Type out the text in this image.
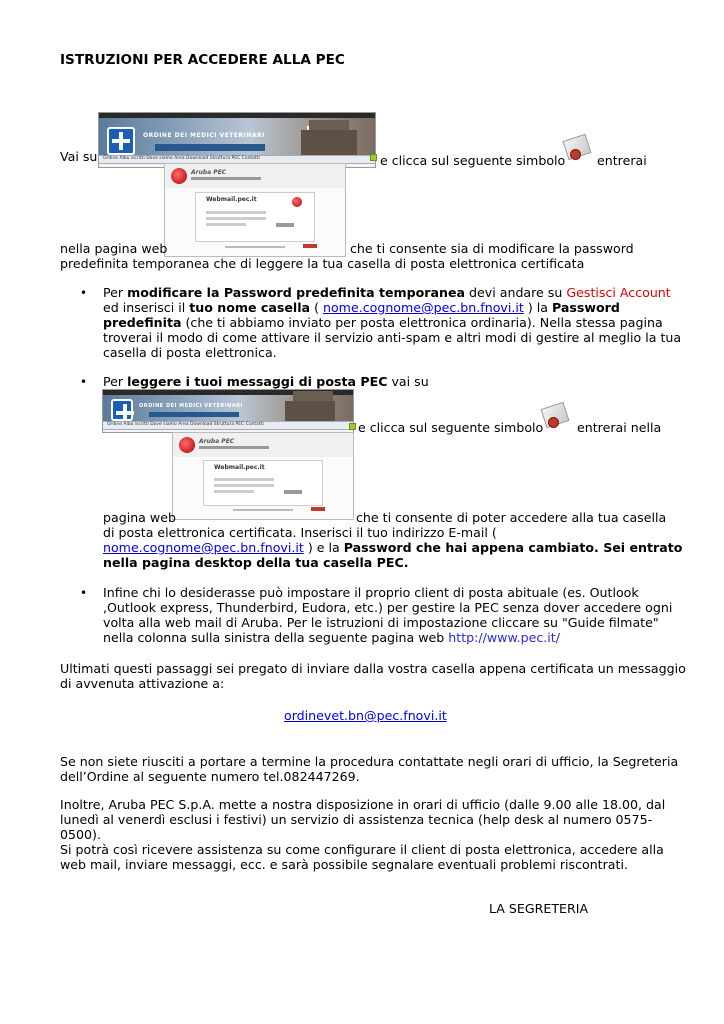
ISTRUZIONI PER ACCEDERE ALLA PEC
Vai su
ORDINE DEI MEDICI VETERINARI
Ordine Albo iscritti Dove siamo Area Download Struttura PEC Contatti	e clicca sul seguente simbolo	entrerai
Aruba PEC
Webmail.pec.it
nella pagina web	che ti consente sia di modificare la password
predefinita temporanea che di leggere la tua casella di posta elettronica certificata
• Per modificare la Password predefinita temporanea devi andare su Gestisci Account
ed inserisci il tuo nome casella ( nome.cognome@pec.bn.fnovi.it ) la Password
predefinita (che ti abbiamo inviato per posta elettronica ordinaria). Nella stessa pagina
troverai il modo di come attivare il servizio anti-spam e altri modi di gestire al meglio la tua
casella di posta elettronica.
• Per leggere i tuoi messaggi di posta PEC vai su
ORDINE DEI MEDICI VETERINARI
Ordine Albo iscritti Dove siamo Area Download Struttura PEC Contatti	e clicca sul seguente simbolo	entrerai nella
Aruba PEC
Webmail.pec.it
pagina web	che ti consente di poter accedere alla tua casella
di posta elettronica certificata. Inserisci il tuo indirizzo E-mail (
nome.cognome@pec.bn.fnovi.it ) e la Password che hai appena cambiato. Sei entrato
nella pagina desktop della tua casella PEC.
• Infine chi lo desiderasse può impostare il proprio client di posta abituale (es. Outlook
,Outlook express, Thunderbird, Eudora, etc.) per gestire la PEC senza dover accedere ogni
volta alla web mail di Aruba. Per le istruzioni di impostazione cliccare su "Guide filmate"
nella colonna sulla sinistra della seguente pagina web http://www.pec.it/
Ultimati questi passaggi sei pregato di inviare dalla vostra casella appena certificata un messaggio
di avvenuta attivazione a:
ordinevet.bn@pec.fnovi.it
Se non siete riusciti a portare a termine la procedura contattate negli orari di ufficio, la Segreteria
dell’Ordine al seguente numero tel.082447269.
Inoltre, Aruba PEC S.p.A. mette a nostra disposizione in orari di ufficio (dalle 9.00 alle 18.00, dal
lunedì al venerdì esclusi i festivi) un servizio di assistenza tecnica (help desk al numero 0575-
0500).
Si potrà così ricevere assistenza su come configurare il client di posta elettronica, accedere alla
web mail, inviare messaggi, ecc. e sarà possibile segnalare eventuali problemi riscontrati.
LA SEGRETERIA
